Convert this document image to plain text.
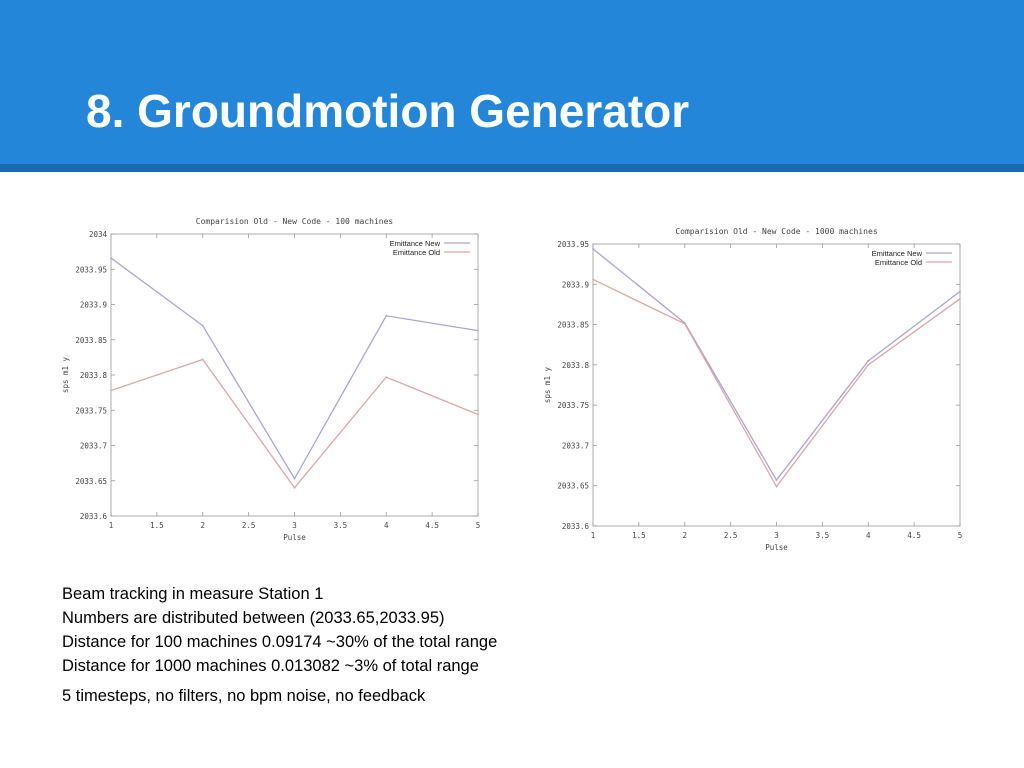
8. Groundmotion Generator
Comparision Old - New Code - 100 machines
2033.6
2033.65
2033.7
2033.75
2033.8
2033.85
2033.9
2033.95
2034
1	1.5	2	2.5	3	3.5	4	4.5	5
Pulse
sps m1 y
Emittance New
Emittance Old
Comparision Old - New Code - 1000 machines
2033.6
2033.65
2033.7
2033.75
2033.8
2033.85
2033.9
2033.95
1	1.5	2	2.5	3	3.5	4	4.5	5
Pulse
sps m1 y
Emittance New
Emittance Old
Beam tracking in measure Station 1
Numbers are distributed between (2033.65,2033.95)
Distance for 100 machines 0.09174 ~30% of the total range
Distance for 1000 machines 0.013082 ~3% of total range
5 timesteps, no filters, no bpm noise, no feedback
